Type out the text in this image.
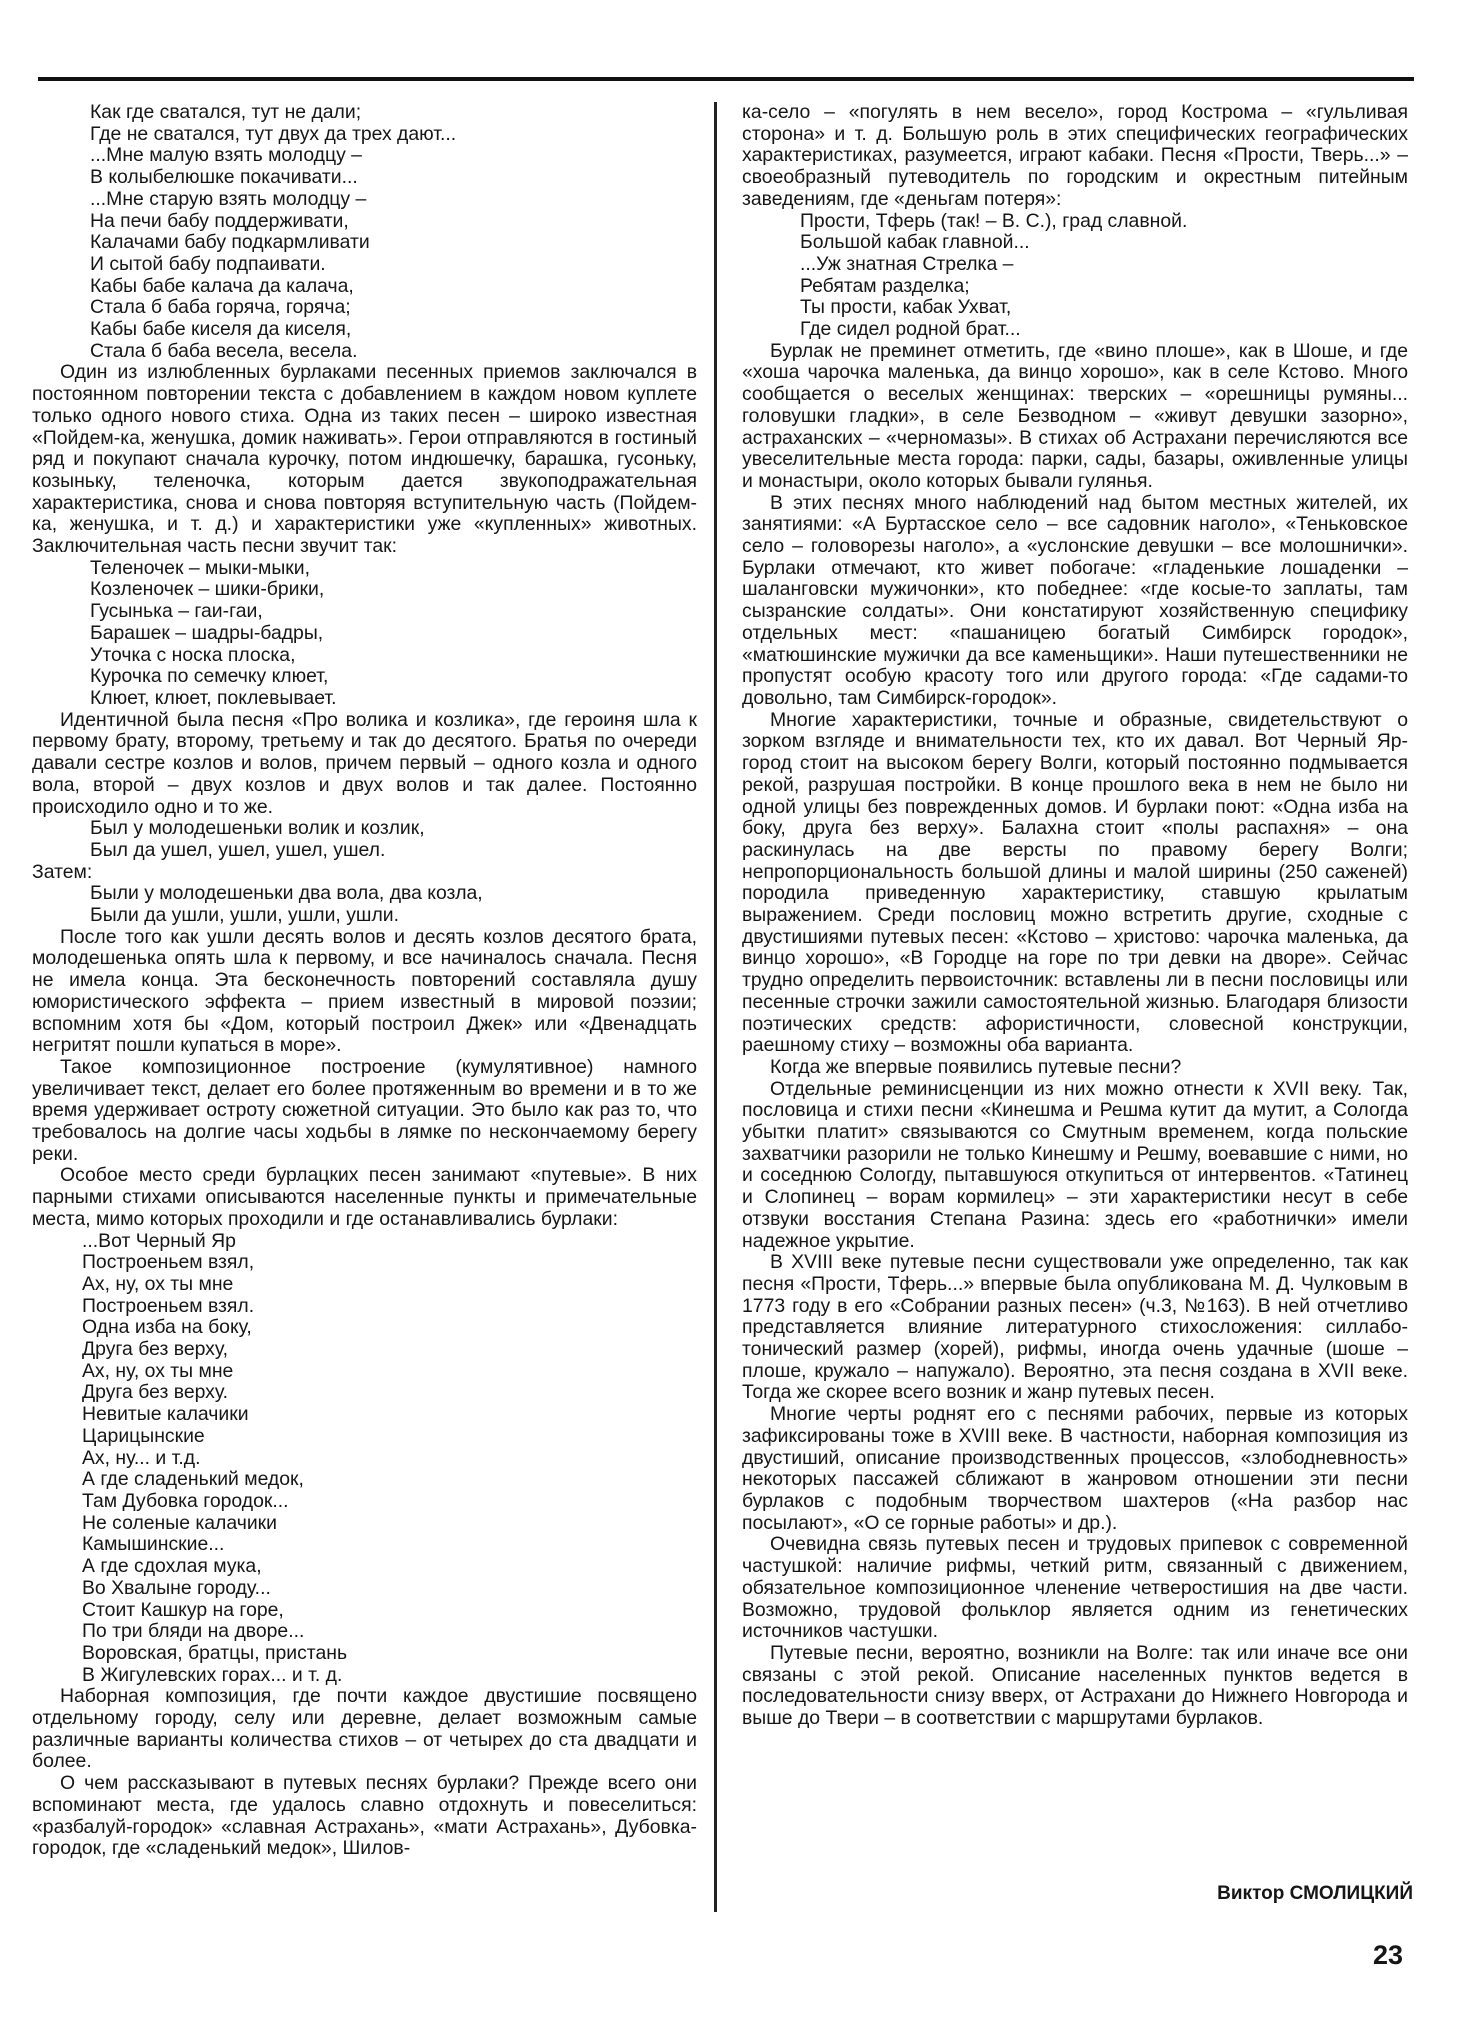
Как где сватался, тут не дали;
Где не сватался, тут двух да трех дают...
...Мне малую взять молодцу –
В колыбелюшке покачивати...
...Мне старую взять молодцу –
На печи бабу поддерживати,
Калачами бабу подкармливати
И сытой бабу подпаивати.
Кабы бабе калача да калача,
Стала б баба горяча, горяча;
Кабы бабе киселя да киселя,
Стала б баба весела, весела.

Один из излюбленных бурлаками песенных приемов заключался в постоянном повторении текста с добавлением в каждом новом куплете только одного нового стиха. Одна из таких песен – широко известная «Пойдем-ка, женушка, домик наживать». Герои отправляются в гостиный ряд и покупают сначала курочку, потом индюшечку, барашка, гусоньку, козыньку, теленочка, которым дается звукоподражательная характеристика, снова и снова повторяя вступительную часть (Пойдем-ка, женушка, и т. д.) и характеристики уже «купленных» животных. Заключительная часть песни звучит так:

Теленочек – мыки-мыки,
Козленочек – шики-брики,
Гусынька – гаи-гаи,
Барашек – шадры-бадры,
Уточка с носка плоска,
Курочка по семечку клюет,
Клюет, клюет, поклевывает.

Идентичной была песня «Про волика и козлика», где героиня шла к первому брату, второму, третьему и так до десятого. Братья по очереди давали сестре козлов и волов, причем первый – одного козла и одного вола, второй – двух козлов и двух волов и так далее. Постоянно происходило одно и то же.

Был у молодешеньки волик и козлик,
Был да ушел, ушел, ушел, ушел.

Затем:

Были у молодешеньки два вола, два козла,
Были да ушли, ушли, ушли, ушли.

После того как ушли десять волов и десять козлов десятого брата, молодешенька опять шла к первому, и все начиналось сначала. Песня не имела конца. Эта бесконечность повторений составляла душу юмористического эффекта – прием известный в мировой поэзии; вспомним хотя бы «Дом, который построил Джек» или «Двенадцать негритят пошли купаться в море».

Такое композиционное построение (кумулятивное) намного увеличивает текст, делает его более протяженным во времени и в то же время удерживает остроту сюжетной ситуации. Это было как раз то, что требовалось на долгие часы ходьбы в лямке по нескончаемому берегу реки.

Особое место среди бурлацких песен занимают «путевые». В них парными стихами описываются населенные пункты и примечательные места, мимо которых проходили и где останавливались бурлаки:

...Вот Черный Яр
Построеньем взял,
Ах, ну, ох ты мне
Построеньем взял.
Одна изба на боку,
Друга без верху,
Ах, ну, ох ты мне
Друга без верху.
Невитые калачики
Царицынские
Ах, ну... и т.д.
А где сладенький медок,
Там Дубовка городок...
Не соленые калачики
Камышинские...
А где сдохлая мука,
Во Хвалыне городу...
Стоит Кашкур на горе,
По три бляди на дворе...
Воровская, братцы, пристань
В Жигулевских горах... и т. д.

Наборная композиция, где почти каждое двустишие посвящено отдельному городу, селу или деревне, делает возможным самые различные варианты количества стихов – от четырех до ста двадцати и более.

О чем рассказывают в путевых песнях бурлаки? Прежде всего они вспоминают места, где удалось славно отдохнуть и повеселиться: «разбалуй-городок» «славная Астрахань», «мати Астрахань», Дубовка-городок, где «сладенький медок», Шилов-

ка-село – «погулять в нем весело», город Кострома – «гульливая сторона» и т. д. Большую роль в этих специфических географических характеристиках, разумеется, играют кабаки. Песня «Прости, Тверь...» – своеобразный путеводитель по городским и окрестным питейным заведениям, где «деньгам потеря»:

Прости, Тферь (так! – В. С.), град славной.
Большой кабак главной...
...Уж знатная Стрелка –
Ребятам разделка;
Ты прости, кабак Ухват,
Где сидел родной брат...

Бурлак не преминет отметить, где «вино плоше», как в Шоше, и где «хоша чарочка маленька, да винцо хорошо», как в селе Кстово. Много сообщается о веселых женщинах: тверских – «орешницы румяны... головушки гладки», в селе Безводном – «живут девушки зазорно», астраханских – «черномазы». В стихах об Астрахани перечисляются все увеселительные места города: парки, сады, базары, оживленные улицы и монастыри, около которых бывали гулянья.

В этих песнях много наблюдений над бытом местных жителей, их занятиями: «А Буртасское село – все садовник наголо», «Теньковское село – головорезы наголо», а «услонские девушки – все молошнички». Бурлаки отмечают, кто живет побогаче: «гладенькие лошаденки – шалангoвски мужичонки», кто победнее: «где косые-то заплаты, там сызранские солдаты». Они констатируют хозяйственную специфику отдельных мест: «пашаницею богатый Симбирск городок», «матюшинские мужички да все каменьщики». Наши путешественники не пропустят особую красоту того или другого города: «Где садами-то довольно, там Симбирск-городок».

Многие характеристики, точные и образные, свидетельствуют о зорком взгляде и внимательности тех, кто их давал. Вот Черный Яр-город стоит на высоком берегу Волги, который постоянно подмывается рекой, разрушая постройки. В конце прошлого века в нем не было ни одной улицы без поврежденных домов. И бурлаки поют: «Одна изба на боку, друга без верху». Балахна стоит «полы распахня» – она раскинулась на две версты по правому берегу Волги; непропорциональность большой длины и малой ширины (250 саженей) породила приведенную характеристику, ставшую крылатым выражением. Среди пословиц можно встретить другие, сходные с двустишиями путевых песен: «Кстово – христово: чарочка маленька, да винцо хорошо», «В Городце на горе по три девки на дворе». Сейчас трудно определить первоисточник: вставлены ли в песни пословицы или песенные строчки зажили самостоятельной жизнью. Благодаря близости поэтических средств: афористичности, словесной конструкции, раешному стиху – возможны оба варианта.

Когда же впервые появились путевые песни?

Отдельные реминисценции из них можно отнести к XVII веку. Так, пословица и стихи песни «Кинешма и Решма кутит да мутит, а Сологда убытки платит» связываются со Смутным временем, когда польские захватчики разорили не только Кинешму и Решму, воевавшие с ними, но и соседнюю Сологду, пытавшуюся откупиться от интервентов. «Татинец и Слопинец – ворам кормилец» – эти характеристики несут в себе отзвуки восстания Степана Разина: здесь его «работнички» имели надежное укрытие.

В XVIII веке путевые песни существовали уже определенно, так как песня «Прости, Тферь...» впервые была опубликована М. Д. Чулковым в 1773 году в его «Собрании разных песен» (ч.3, №163). В ней отчетливо представляется влияние литературного стихосложения: силлабо-тонический размер (хорей), рифмы, иногда очень удачные (шоше – плоше, кружало – напужало). Вероятно, эта песня создана в XVII веке. Тогда же скорее всего возник и жанр путевых песен.

Многие черты роднят его с песнями рабочих, первые из которых зафиксированы тоже в XVIII веке. В частности, наборная композиция из двустиший, описание производственных процессов, «злободневность» некоторых пассажей сближают в жанровом отношении эти песни бурлаков с подобным творчеством шахтеров («На разбор нас посылают», «О се горные работы» и др.).

Очевидна связь путевых песен и трудовых припевок с современной частушкой: наличие рифмы, четкий ритм, связанный с движением, обязательное композиционное членение четверостишия на две части. Возможно, трудовой фольклор является одним из генетических источников частушки.

Путевые песни, вероятно, возникли на Волге: так или иначе все они связаны с этой рекой. Описание населенных пунктов ведется в последовательности снизу вверх, от Астрахани до Нижнего Новгорода и выше до Твери – в соответствии с маршрутами бурлаков.

Виктор СМОЛИЦКИЙ
23
